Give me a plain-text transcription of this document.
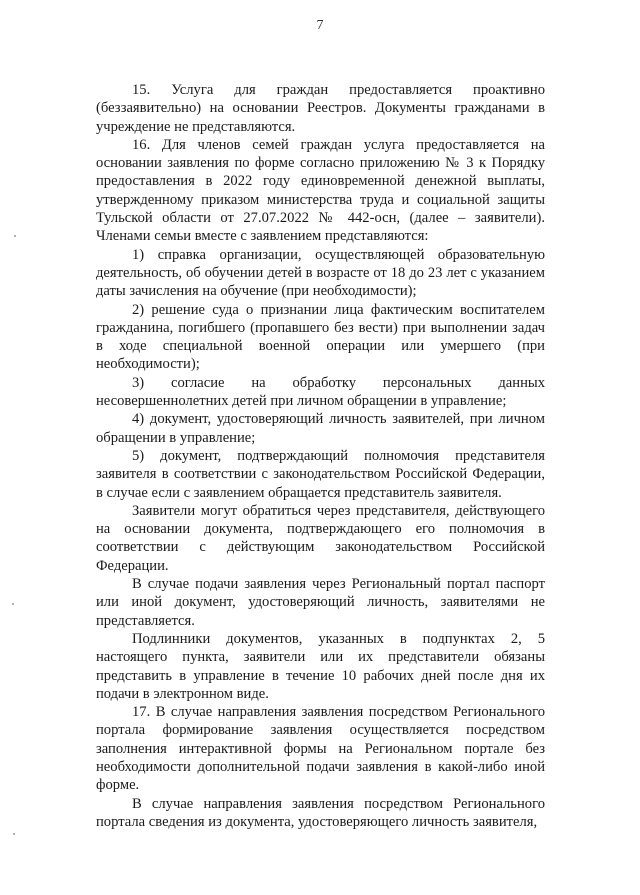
7

15. Услуга для граждан предоставляется проактивно (беззаявительно) на основании Реестров. Документы гражданами в учреждение не представляются.

16. Для членов семей граждан услуга предоставляется на основании заявления по форме согласно приложению № 3 к Порядку предоставления в 2022 году единовременной денежной выплаты, утвержденному приказом министерства труда и социальной защиты Тульской области от 27.07.2022 № 442-осн, (далее – заявители). Членами семьи вместе с заявлением представляются:

1) справка организации, осуществляющей образовательную деятельность, об обучении детей в возрасте от 18 до 23 лет с указанием даты зачисления на обучение (при необходимости);

2) решение суда о признании лица фактическим воспитателем гражданина, погибшего (пропавшего без вести) при выполнении задач в ходе специальной военной операции или умершего (при необходимости);

3) согласие на обработку персональных данных несовершеннолетних детей при личном обращении в управление;

4) документ, удостоверяющий личность заявителей, при личном обращении в управление;

5) документ, подтверждающий полномочия представителя заявителя в соответствии с законодательством Российской Федерации, в случае если с заявлением обращается представитель заявителя.

Заявители могут обратиться через представителя, действующего на основании документа, подтверждающего его полномочия в соответствии с действующим законодательством Российской Федерации.

В случае подачи заявления через Региональный портал паспорт или иной документ, удостоверяющий личность, заявителями не представляется.

Подлинники документов, указанных в подпунктах 2, 5 настоящего пункта, заявители или их представители обязаны представить в управление в течение 10 рабочих дней после дня их подачи в электронном виде.

17. В случае направления заявления посредством Регионального портала формирование заявления осуществляется посредством заполнения интерактивной формы на Региональном портале без необходимости дополнительной подачи заявления в какой-либо иной форме.

В случае направления заявления посредством Регионального портала сведения из документа, удостоверяющего личность заявителя,
